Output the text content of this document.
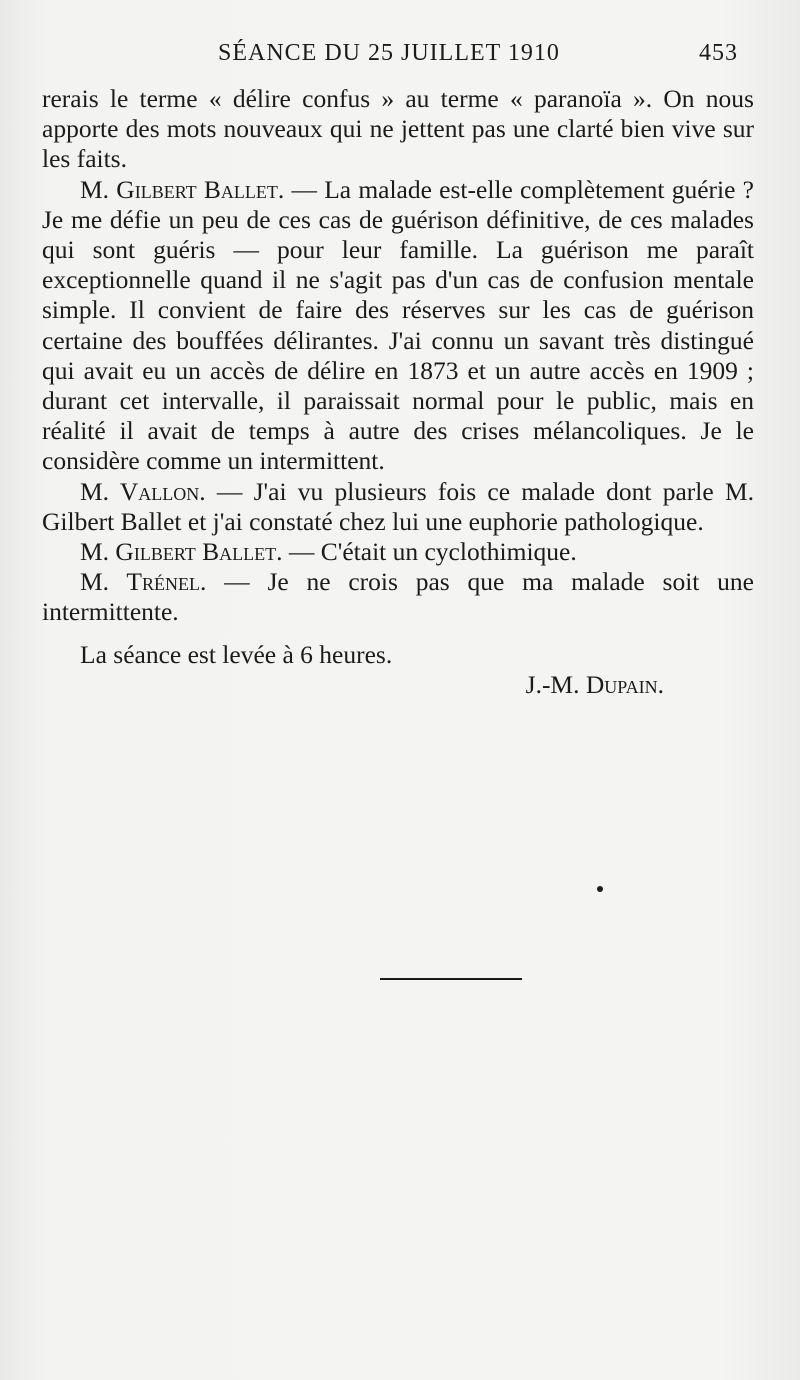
SÉANCE DU 25 JUILLET 1910	453

rerais le terme « délire confus » au terme « paranoïa ». On nous apporte des mots nouveaux qui ne jettent pas une clarté bien vive sur les faits.

M. Gilbert Ballet. — La malade est-elle complètement guérie ? Je me défie un peu de ces cas de guérison définitive, de ces malades qui sont guéris — pour leur famille. La guérison me paraît exceptionnelle quand il ne s'agit pas d'un cas de confusion mentale simple. Il convient de faire des réserves sur les cas de guérison certaine des bouffées délirantes. J'ai connu un savant très distingué qui avait eu un accès de délire en 1873 et un autre accès en 1909 ; durant cet intervalle, il paraissait normal pour le public, mais en réalité il avait de temps à autre des crises mélancoliques. Je le considère comme un intermittent.

M. Vallon. — J'ai vu plusieurs fois ce malade dont parle M. Gilbert Ballet et j'ai constaté chez lui une euphorie pathologique.

M. Gilbert Ballet. — C'était un cyclothimique.

M. Trénel. — Je ne crois pas que ma malade soit une intermittente.

La séance est levée à 6 heures.

J.-M. Dupain.
